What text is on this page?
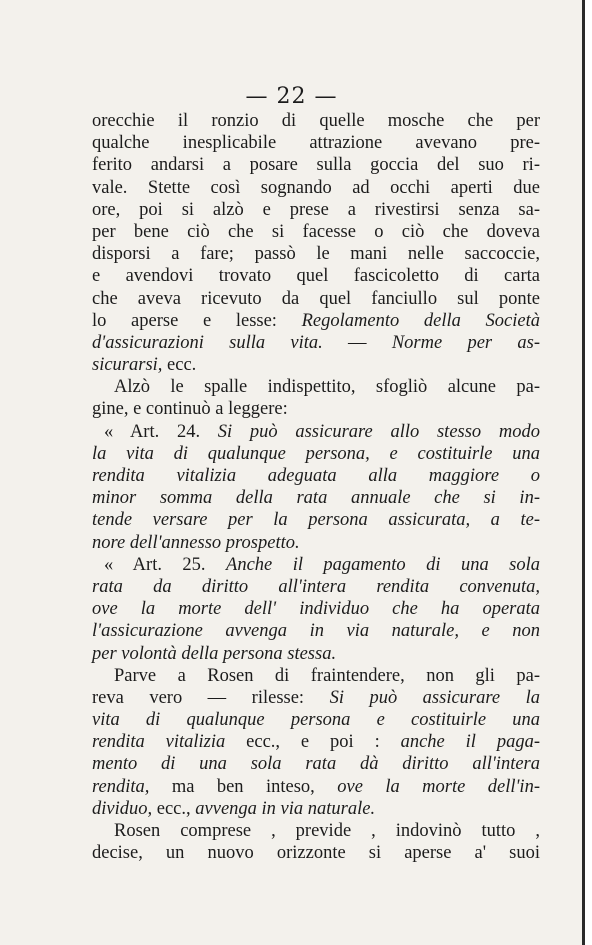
— 22 —
orecchie il ronzio di quelle mosche che per
qualche inesplicabile attrazione avevano pre-
ferito andarsi a posare sulla goccia del suo ri-
vale. Stette così sognando ad occhi aperti due
ore, poi si alzò e prese a rivestirsi senza sa-
per bene ciò che si facesse o ciò che doveva
disporsi a fare; passò le mani nelle saccoccie,
e avendovi trovato quel fascicoletto di carta
che aveva ricevuto da quel fanciullo sul ponte
lo aperse e lesse: Regolamento della Società
d'assicurazioni sulla vita. — Norme per as-
sicurarsi, ecc.
Alzò le spalle indispettito, sfogliò alcune pa-
gine, e continuò a leggere:
« Art. 24. Si può assicurare allo stesso modo
la vita di qualunque persona, e costituirle una
rendita vitalizia adeguata alla maggiore o
minor somma della rata annuale che si in-
tende versare per la persona assicurata, a te-
nore dell'annesso prospetto.
« Art. 25. Anche il pagamento di una sola
rata da diritto all'intera rendita convenuta,
ove la morte dell' individuo che ha operata
l'assicurazione avvenga in via naturale, e non
per volontà della persona stessa.
Parve a Rosen di fraintendere, non gli pa-
reva vero — rilesse: Si può assicurare la
vita di qualunque persona e costituirle una
rendita vitalizia ecc., e poi : anche il paga-
mento di una sola rata dà diritto all'intera
rendita, ma ben inteso, ove la morte dell'in-
dividuo, ecc., avvenga in via naturale.
Rosen comprese , previde , indovinò tutto ,
decise, un nuovo orizzonte si aperse a' suoi
